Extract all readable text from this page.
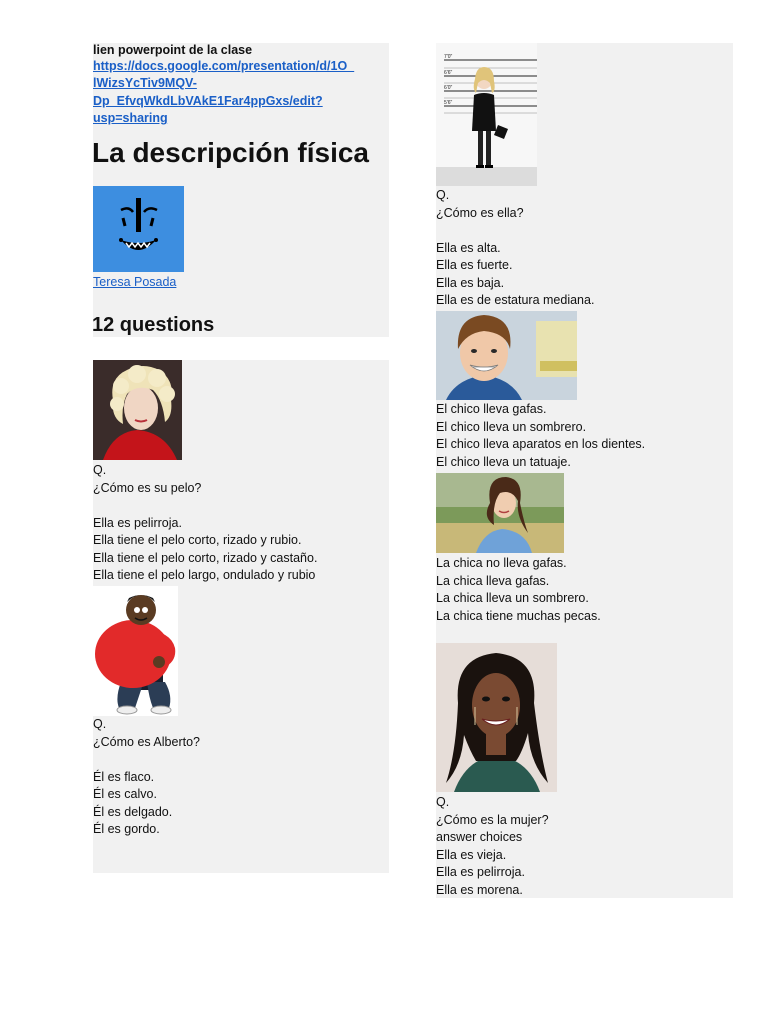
lien powerpoint de la clase
https://docs.google.com/presentation/d/1O_
lWizsYcTiv9MQV-
Dp_EfvqWkdLbVAkE1Far4ppGxs/edit?
usp=sharing
La descripción física
Teresa Posada
12 questions
Q.
¿Cómo es su pelo?
Ella es pelirroja.
Ella tiene el pelo corto, rizado y rubio.
Ella tiene el pelo corto, rizado y castaño.
Ella tiene el pelo largo, ondulado y rubio
Q.
¿Cómo es Alberto?
Él es flaco.
Él es calvo.
Él es delgado.
Él es gordo.
7'0"
6'6"
6'0"
5'6"
Q.
¿Cómo es ella?
Ella es alta.
Ella es fuerte.
Ella es baja.
Ella es de estatura mediana.
El chico lleva gafas.
El chico lleva un sombrero.
El chico lleva aparatos en los dientes.
El chico lleva un tatuaje.
La chica no lleva gafas.
La chica lleva gafas.
La chica lleva un sombrero.
La chica tiene muchas pecas.
Q.
¿Cómo es la mujer?
answer choices
Ella es vieja.
Ella es pelirroja.
Ella es morena.
